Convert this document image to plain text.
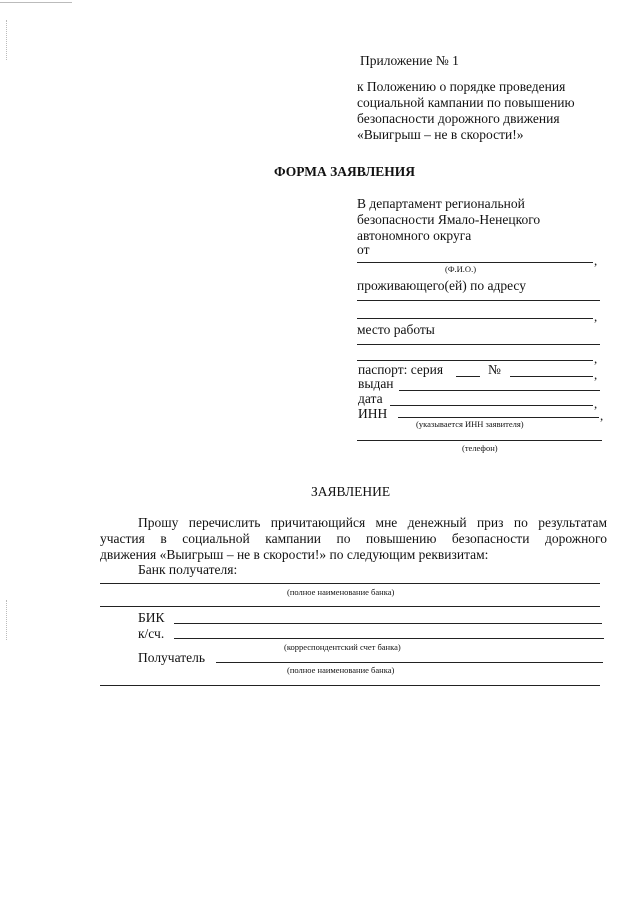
Приложение № 1
к Положению о порядке проведения
социальной кампании по повышению
безопасности дорожного движения
«Выигрыш – не в скорости!»
ФОРМА ЗАЯВЛЕНИЯ
В департамент региональной
безопасности Ямало-Ненецкого
автономного округа
от
,
(Ф.И.О.)
проживающего(ей) по адресу
,
место работы
,
паспорт: серия	№	,
выдан
дата	,
ИНН	,
(указывается ИНН заявителя)
(телефон)
ЗАЯВЛЕНИЕ
Прошу перечислить причитающийся мне денежный приз по результатам
участия в социальной кампании по повышению безопасности дорожного
движения «Выигрыш – не в скорости!» по следующим реквизитам:
Банк получателя:
(полное наименование банка)
БИК
к/сч.
(корреспондентский счет банка)
Получатель
(полное наименование банка)
